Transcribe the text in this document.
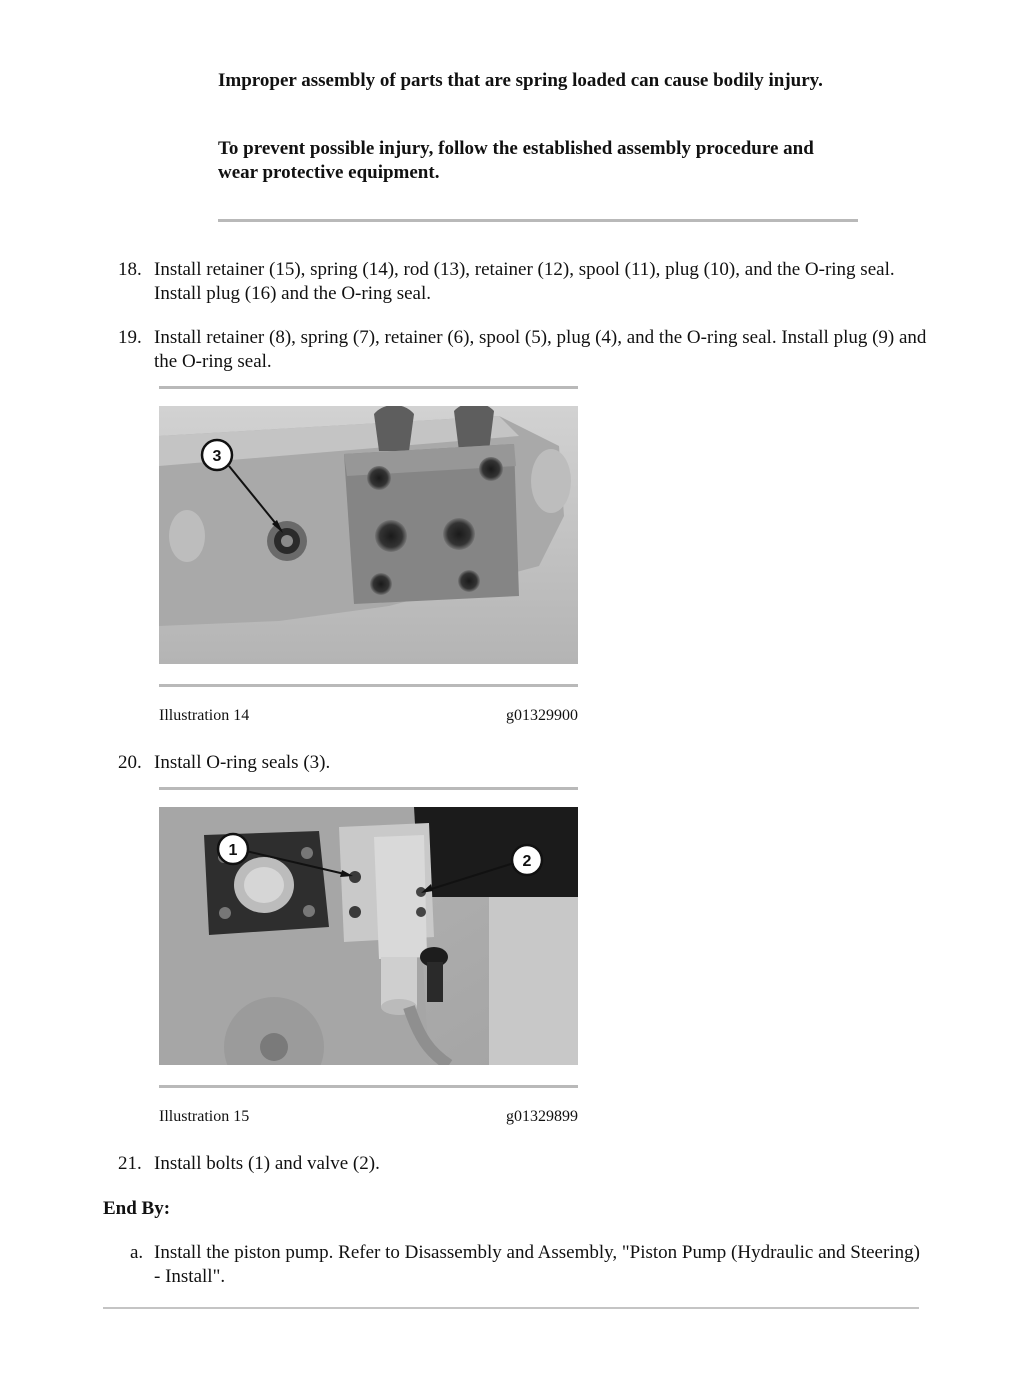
Improper assembly of parts that are spring loaded can cause bodily injury.
To prevent possible injury, follow the established assembly procedure and wear protective equipment.
18. Install retainer (15), spring (14), rod (13), retainer (12), spool (11), plug (10), and the O-ring seal. Install plug (16) and the O-ring seal.
19. Install retainer (8), spring (7), retainer (6), spool (5), plug (4), and the O-ring seal. Install plug (9) and the O-ring seal.
3
Illustration 14	g01329900
20. Install O-ring seals (3).
1
2
Illustration 15	g01329899
21. Install bolts (1) and valve (2).
End By:
a. Install the piston pump. Refer to Disassembly and Assembly, "Piston Pump (Hydraulic and Steering) - Install".
